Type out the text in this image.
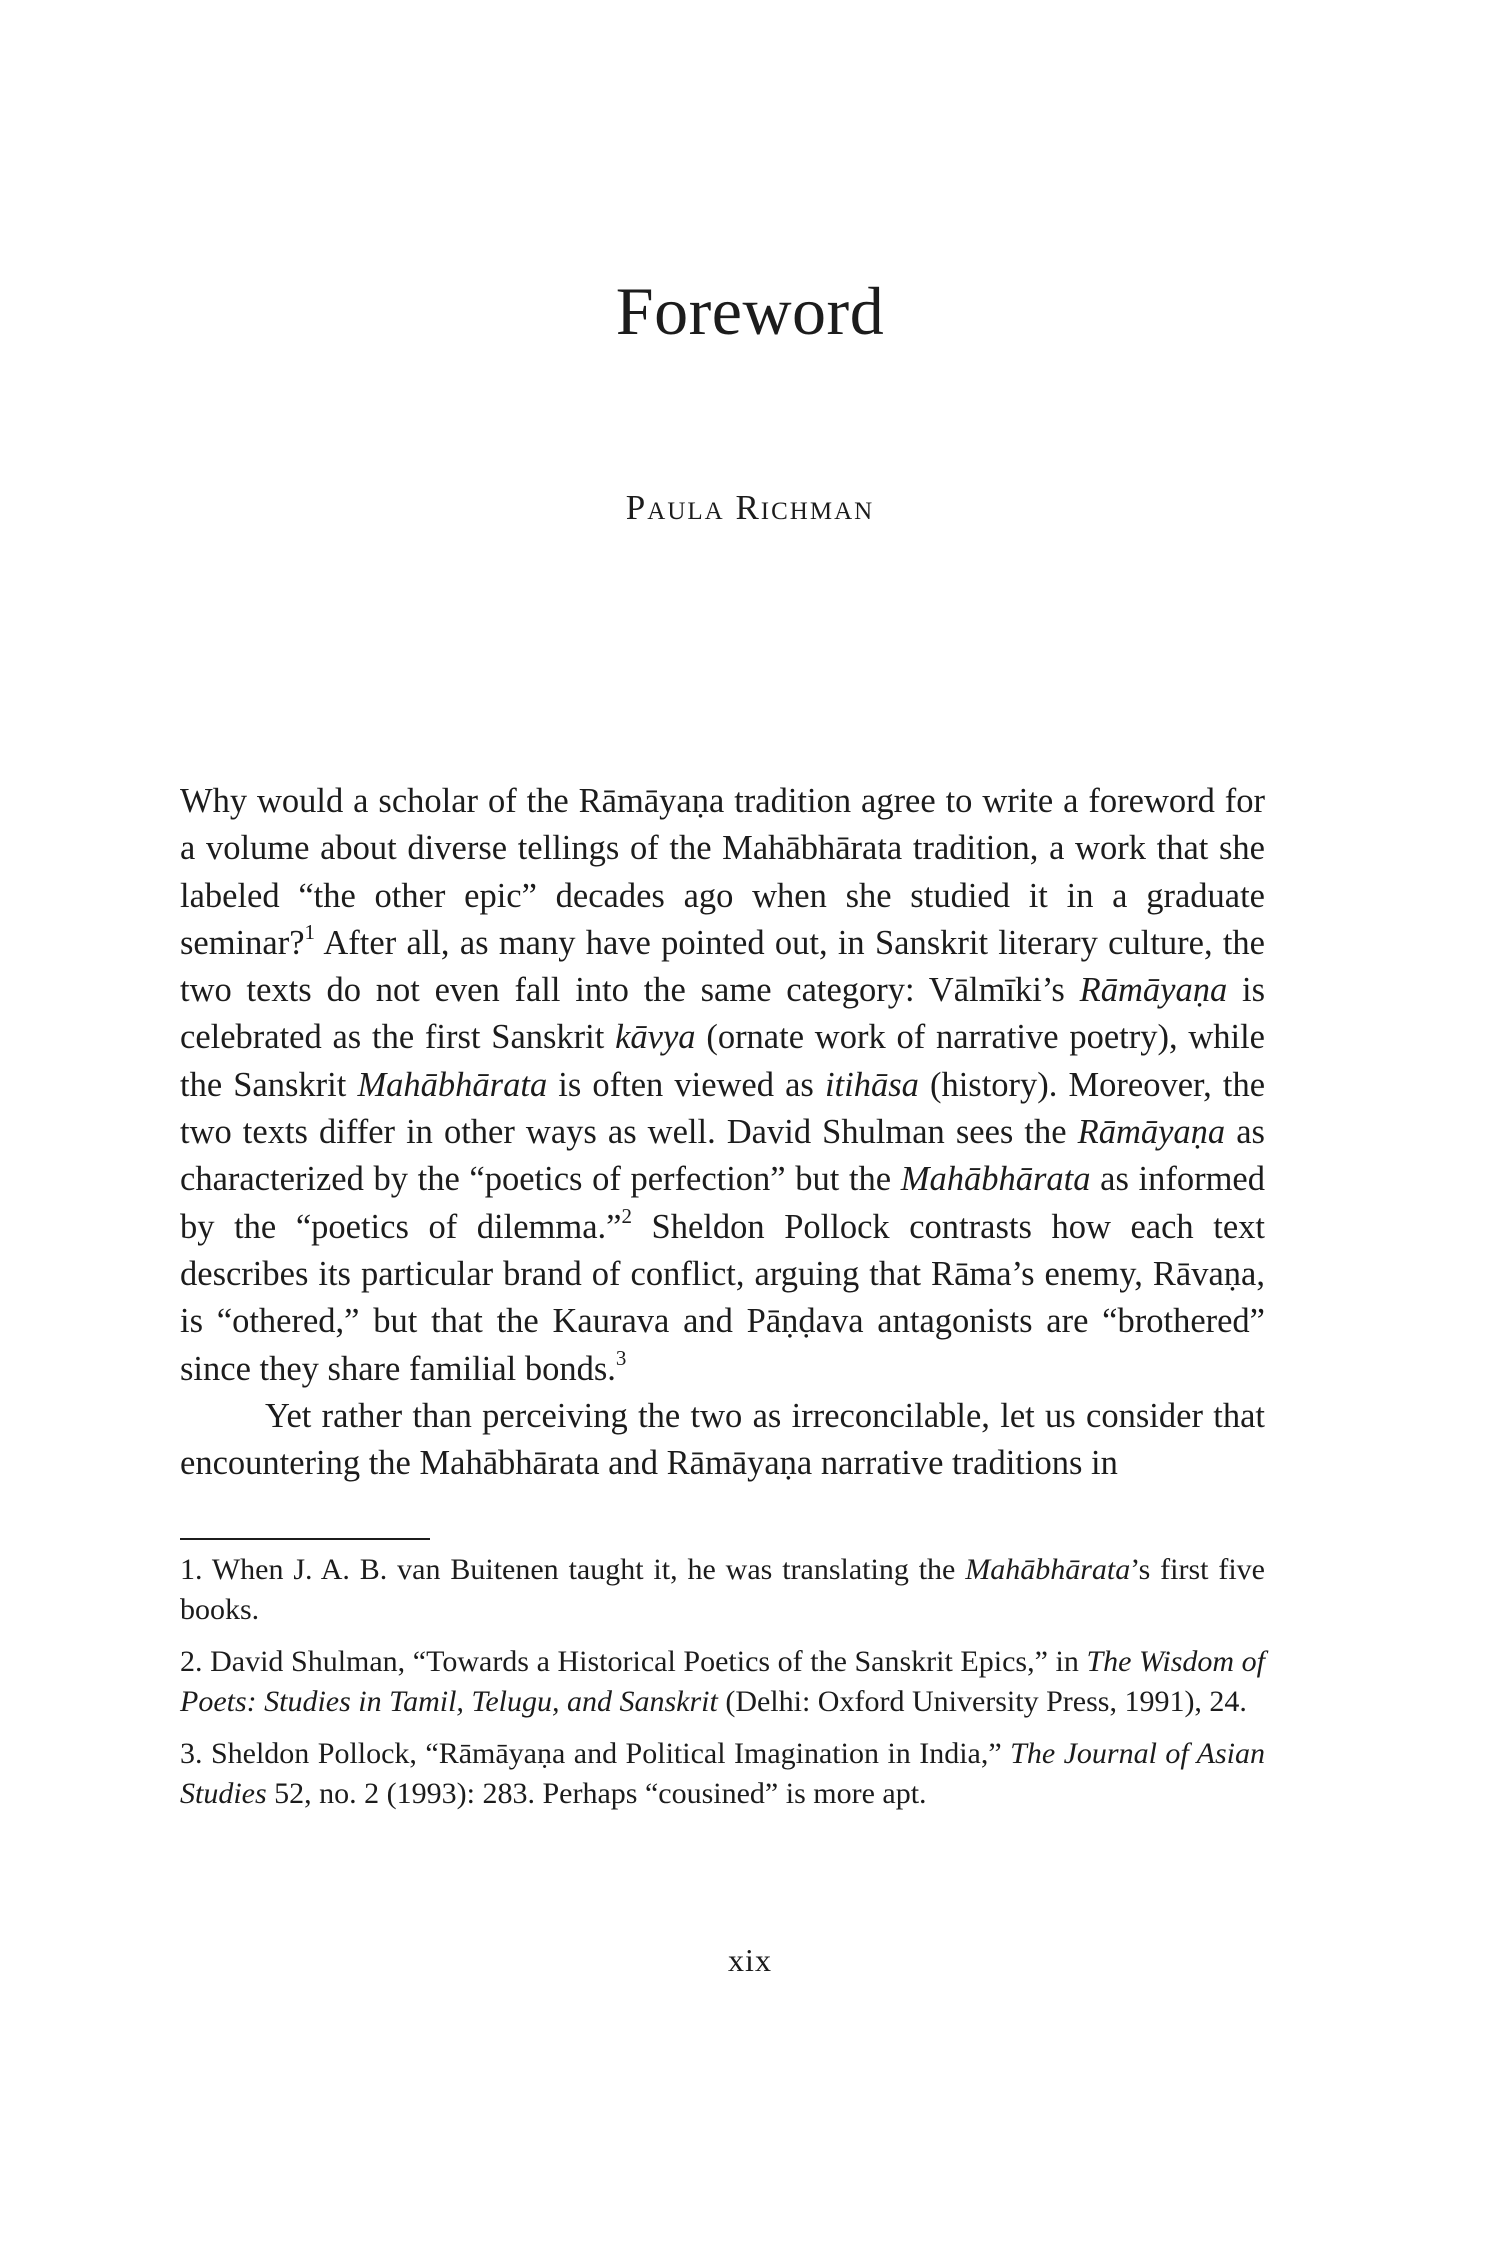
Foreword
Paula Richman

Why would a scholar of the Rāmāyaṇa tradition agree to write a foreword for a volume about diverse tellings of the Mahābhārata tradition, a work that she labeled “the other epic” decades ago when she studied it in a graduate seminar?$^1$ After all, as many have pointed out, in Sanskrit literary culture, the two texts do not even fall into the same category: Vālmīki’s Rāmāyaṇa is celebrated as the first Sanskrit kāvya (ornate work of narrative poetry), while the Sanskrit Mahābhārata is often viewed as itihāsa (history). Moreover, the two texts differ in other ways as well. David Shulman sees the Rāmāyaṇa as characterized by the “poetics of perfection” but the Mahābhārata as informed by the “poetics of dilemma.”$^2$ Sheldon Pollock contrasts how each text describes its particular brand of conflict, arguing that Rāma’s enemy, Rāvaṇa, is “othered,” but that the Kaurava and Pāṇḍava antagonists are “brothered” since they share familial bonds.$^3$

Yet rather than perceiving the two as irreconcilable, let us consider that encountering the Mahābhārata and Rāmāyaṇa narrative traditions in

1. When J. A. B. van Buitenen taught it, he was translating the Mahābhārata’s first five books.

2. David Shulman, “Towards a Historical Poetics of the Sanskrit Epics,” in The Wisdom of Poets: Studies in Tamil, Telugu, and Sanskrit (Delhi: Oxford University Press, 1991), 24.

3. Sheldon Pollock, “Rāmāyaṇa and Political Imagination in India,” The Journal of Asian Studies 52, no. 2 (1993): 283. Perhaps “cousined” is more apt.

xix
